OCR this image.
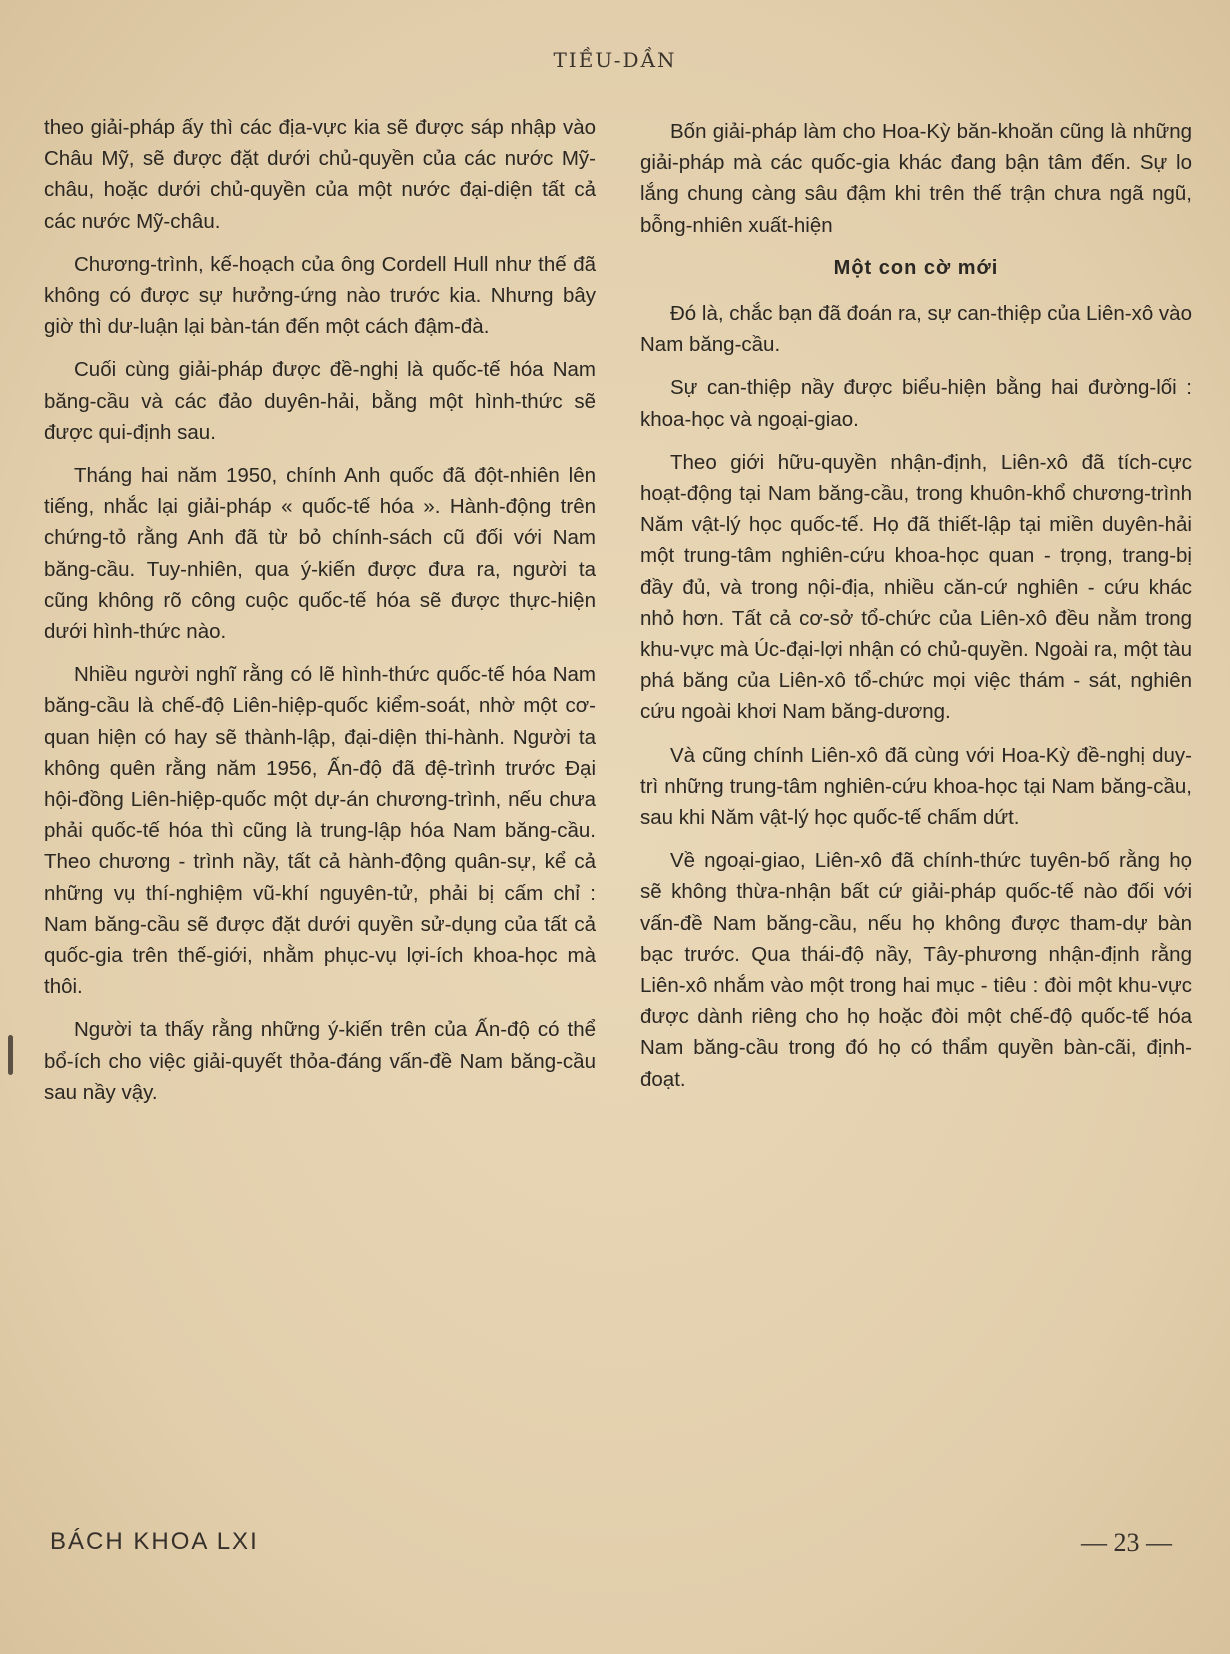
TIỀU-DẦN

theo giải-pháp ấy thì các địa-vực kia sẽ được sáp nhập vào Châu Mỹ, sẽ được đặt dưới chủ-quyền của các nước Mỹ-châu, hoặc dưới chủ-quyền của một nước đại-diện tất cả các nước Mỹ-châu.

Chương-trình, kế-hoạch của ông Cordell Hull như thế đã không có được sự hưởng-ứng nào trước kia. Nhưng bây giờ thì dư-luận lại bàn-tán đến một cách đậm-đà.

Cuối cùng giải-pháp được đề-nghị là quốc-tế hóa Nam băng-cầu và các đảo duyên-hải, bằng một hình-thức sẽ được qui-định sau.

Tháng hai năm 1950, chính Anh quốc đã đột-nhiên lên tiếng, nhắc lại giải-pháp « quốc-tế hóa ». Hành-động trên chứng-tỏ rằng Anh đã từ bỏ chính-sách cũ đối với Nam băng-cầu. Tuy-nhiên, qua ý-kiến được đưa ra, người ta cũng không rõ công cuộc quốc-tế hóa sẽ được thực-hiện dưới hình-thức nào.

Nhiều người nghĩ rằng có lẽ hình-thức quốc-tế hóa Nam băng-cầu là chế-độ Liên-hiệp-quốc kiểm-soát, nhờ một cơ-quan hiện có hay sẽ thành-lập, đại-diện thi-hành. Người ta không quên rằng năm 1956, Ấn-độ đã đệ-trình trước Đại hội-đồng Liên-hiệp-quốc một dự-án chương-trình, nếu chưa phải quốc-tế hóa thì cũng là trung-lập hóa Nam băng-cầu. Theo chương - trình nầy, tất cả hành-động quân-sự, kể cả những vụ thí-nghiệm vũ-khí nguyên-tử, phải bị cấm chỉ : Nam băng-cầu sẽ được đặt dưới quyền sử-dụng của tất cả quốc-gia trên thế-giới, nhằm phục-vụ lợi-ích khoa-học mà thôi.

Người ta thấy rằng những ý-kiến trên của Ấn-độ có thể bổ-ích cho việc giải-quyết thỏa-đáng vấn-đề Nam băng-cầu sau nầy vậy.

Bốn giải-pháp làm cho Hoa-Kỳ băn-khoăn cũng là những giải-pháp mà các quốc-gia khác đang bận tâm đến. Sự lo lắng chung càng sâu đậm khi trên thế trận chưa ngã ngũ, bỗng-nhiên xuất-hiện

Một con cờ mới

Đó là, chắc bạn đã đoán ra, sự can-thiệp của Liên-xô vào Nam băng-cầu.

Sự can-thiệp nầy được biểu-hiện bằng hai đường-lối : khoa-học và ngoại-giao.

Theo giới hữu-quyền nhận-định, Liên-xô đã tích-cực hoạt-động tại Nam băng-cầu, trong khuôn-khổ chương-trình Năm vật-lý học quốc-tế. Họ đã thiết-lập tại miền duyên-hải một trung-tâm nghiên-cứu khoa-học quan - trọng, trang-bị đầy đủ, và trong nội-địa, nhiều căn-cứ nghiên - cứu khác nhỏ hơn. Tất cả cơ-sở tổ-chức của Liên-xô đều nằm trong khu-vực mà Úc-đại-lợi nhận có chủ-quyền. Ngoài ra, một tàu phá băng của Liên-xô tổ-chức mọi việc thám - sát, nghiên cứu ngoài khơi Nam băng-dương.

Và cũng chính Liên-xô đã cùng với Hoa-Kỳ đề-nghị duy-trì những trung-tâm nghiên-cứu khoa-học tại Nam băng-cầu, sau khi Năm vật-lý học quốc-tế chấm dứt.

Về ngoại-giao, Liên-xô đã chính-thức tuyên-bố rằng họ sẽ không thừa-nhận bất cứ giải-pháp quốc-tế nào đối với vấn-đề Nam băng-cầu, nếu họ không được tham-dự bàn bạc trước. Qua thái-độ nầy, Tây-phương nhận-định rằng Liên-xô nhắm vào một trong hai mục - tiêu : đòi một khu-vực được dành riêng cho họ hoặc đòi một chế-độ quốc-tế hóa Nam băng-cầu trong đó họ có thẩm quyền bàn-cãi, định-đoạt.

BÁCH KHOA LXI	— 23 —
